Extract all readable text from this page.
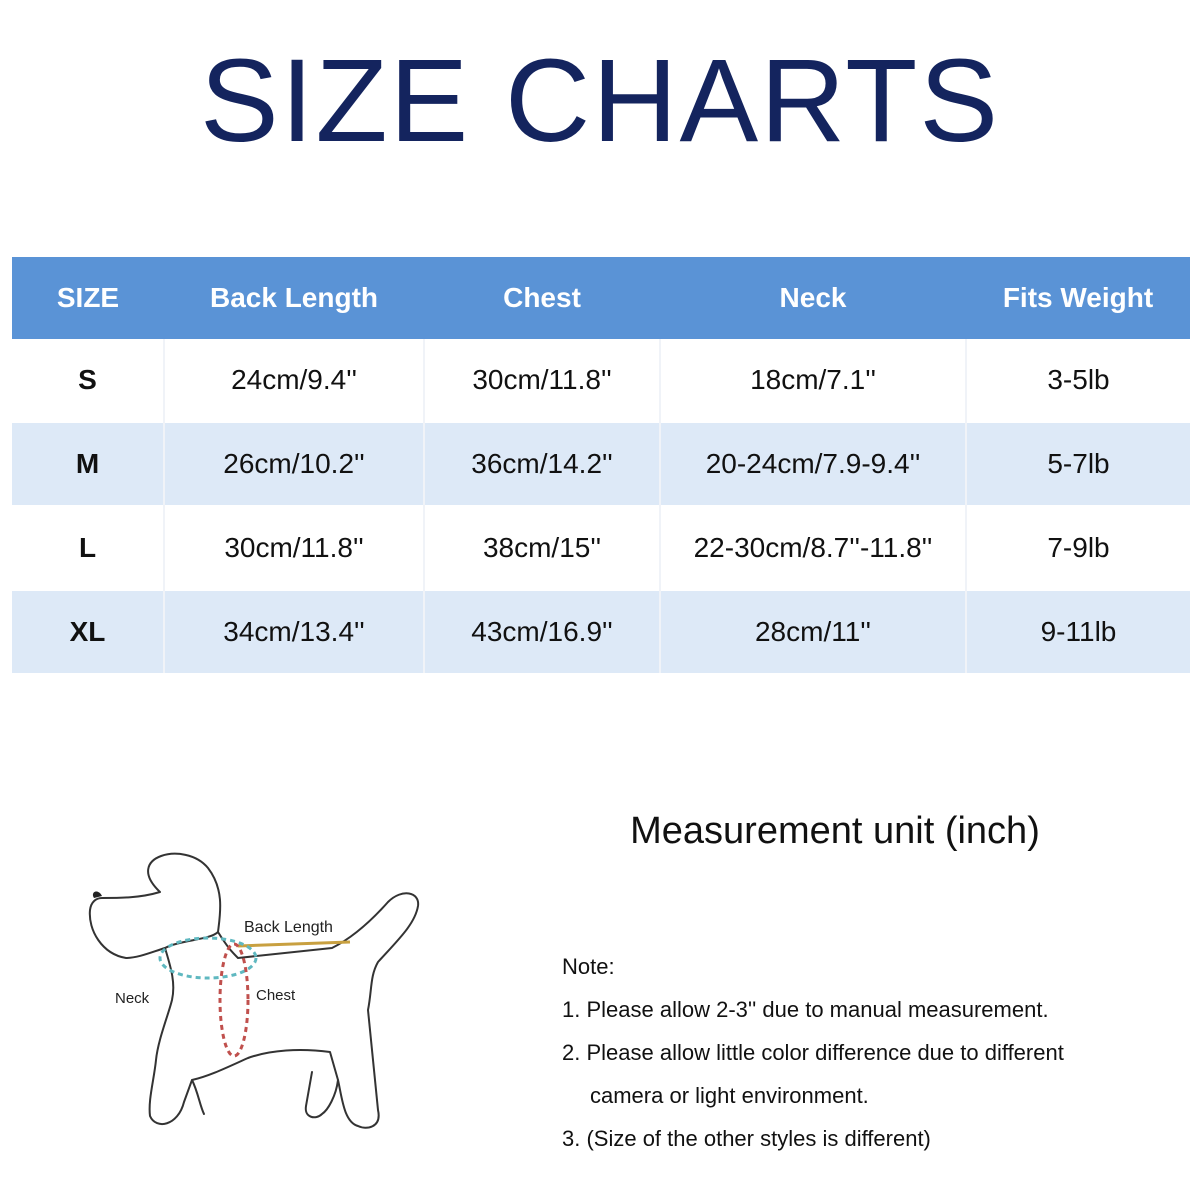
SIZE CHARTS
SIZE	Back Length	Chest	Neck	Fits Weight
S	24cm/9.4''	30cm/11.8''	18cm/7.1''	3-5lb
M	26cm/10.2''	36cm/14.2''	20-24cm/7.9-9.4''	5-7lb
L	30cm/11.8''	38cm/15''	22-30cm/8.7''-11.8''	7-9lb
XL	34cm/13.4''	43cm/16.9''	28cm/11''	9-11lb
Back Length
Neck	Chest
Measurement unit (inch)
Note:
1. Please allow 2-3'' due to manual measurement.
2. Please allow little color difference due to different
camera or light environment.
3. (Size of the other styles is different)
